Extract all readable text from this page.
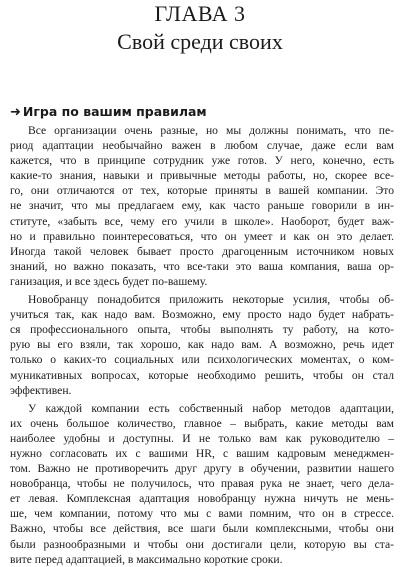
ГЛАВА 3
Свой среди своих
➜ Игра по вашим правилам
Все организации очень разные, но мы должны понимать, что пе-
риод адаптации необычайно важен в любом случае, даже если вам
кажется, что в принципе сотрудник уже готов. У него, конечно, есть
какие-то знания, навыки и привычные методы работы, но, скорее все-
го, они отличаются от тех, которые приняты в вашей компании. Это
не значит, что мы предлагаем ему, как часто раньше говорили в ин-
ституте, «забыть все, чему его учили в школе». Наоборот, будет важ-
но и правильно поинтересоваться, что он умеет и как он это делает.
Иногда такой человек бывает просто драгоценным источником новых
знаний, но важно показать, что все-таки это ваша компания, ваша ор-
ганизация, и все здесь будет по-вашему.
Новобранцу понадобится приложить некоторые усилия, чтобы об-
учиться так, как надо вам. Возможно, ему просто надо будет набрать-
ся профессионального опыта, чтобы выполнять ту работу, на кото-
рую вы его взяли, так хорошо, как надо вам. А возможно, речь идет
только о каких-то социальных или психологических моментах, о ком-
муникативных вопросах, которые необходимо решить, чтобы он стал
эффективен.
У каждой компании есть собственный набор методов адаптации,
их очень большое количество, главное – выбрать, какие методы вам
наиболее удобны и доступны. И не только вам как руководителю –
нужно согласовать их с вашими HR, с вашим кадровым менеджмен-
том. Важно не противоречить друг другу в обучении, развитии нашего
новобранца, чтобы не получилось, что правая рука не знает, чего дела-
ет левая. Комплексная адаптация новобранцу нужна ничуть не мень-
ше, чем компании, потому что мы с вами помним, что он в стрессе.
Важно, чтобы все действия, все шаги были комплексными, чтобы они
были разнообразными и чтобы они достигали цели, которую вы ста-
вите перед адаптацией, в максимально короткие сроки.
